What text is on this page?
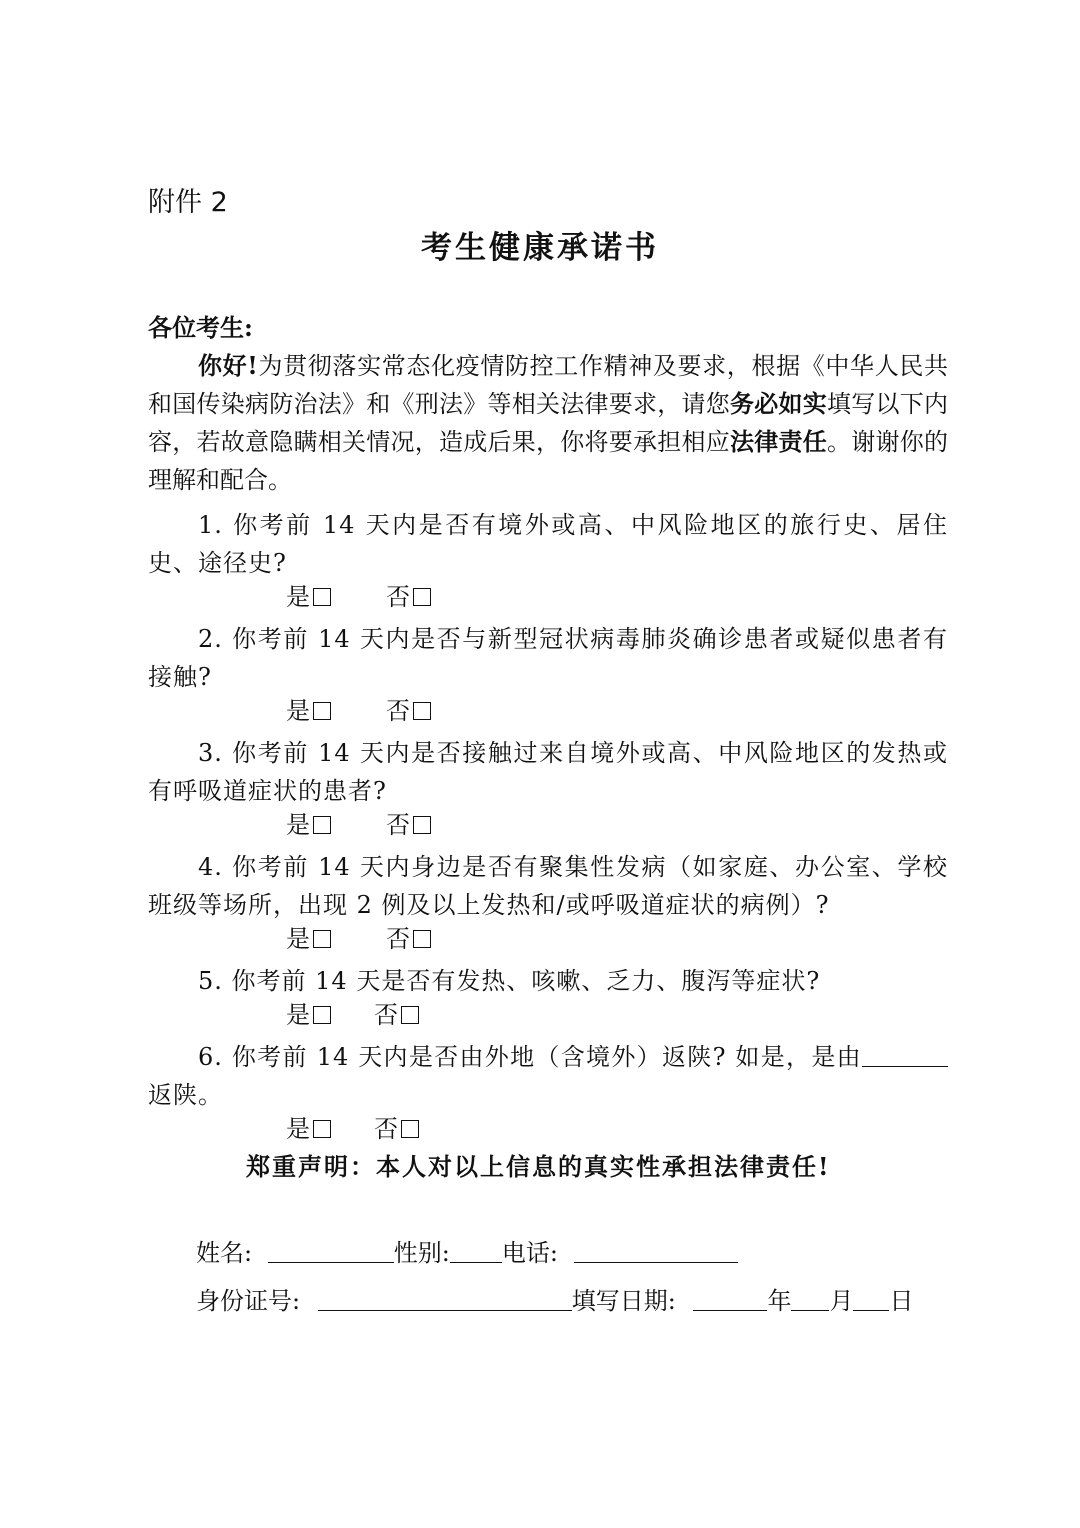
附件 2
考生健康承诺书
各位考生:
你好!为贯彻落实常态化疫情防控工作精神及要求，根据《中华人民共和国传染病防治法》和《刑法》等相关法律要求，请您务必如实填写以下内容，若故意隐瞒相关情况，造成后果，你将要承担相应法律责任。谢谢你的理解和配合。
1. 你考前 14 天内是否有境外或高、中风险地区的旅行史、居住史、途径史?
是	否
2. 你考前 14 天内是否与新型冠状病毒肺炎确诊患者或疑似患者有接触?
是	否
3. 你考前 14 天内是否接触过来自境外或高、中风险地区的发热或有呼吸道症状的患者?
是	否
4. 你考前 14 天内身边是否有聚集性发病（如家庭、办公室、学校班级等场所，出现 2 例及以上发热和/或呼吸道症状的病例）?
是	否
5. 你考前 14 天是否有发热、咳嗽、乏力、腹泻等症状?
是	否
6. 你考前 14 天内是否由外地（含境外）返陕? 如是，是由返陕。
是	否
郑重声明：本人对以上信息的真实性承担法律责任!
姓名:	性别: 电话:
身份证号:	填写日期:	年 月 日
